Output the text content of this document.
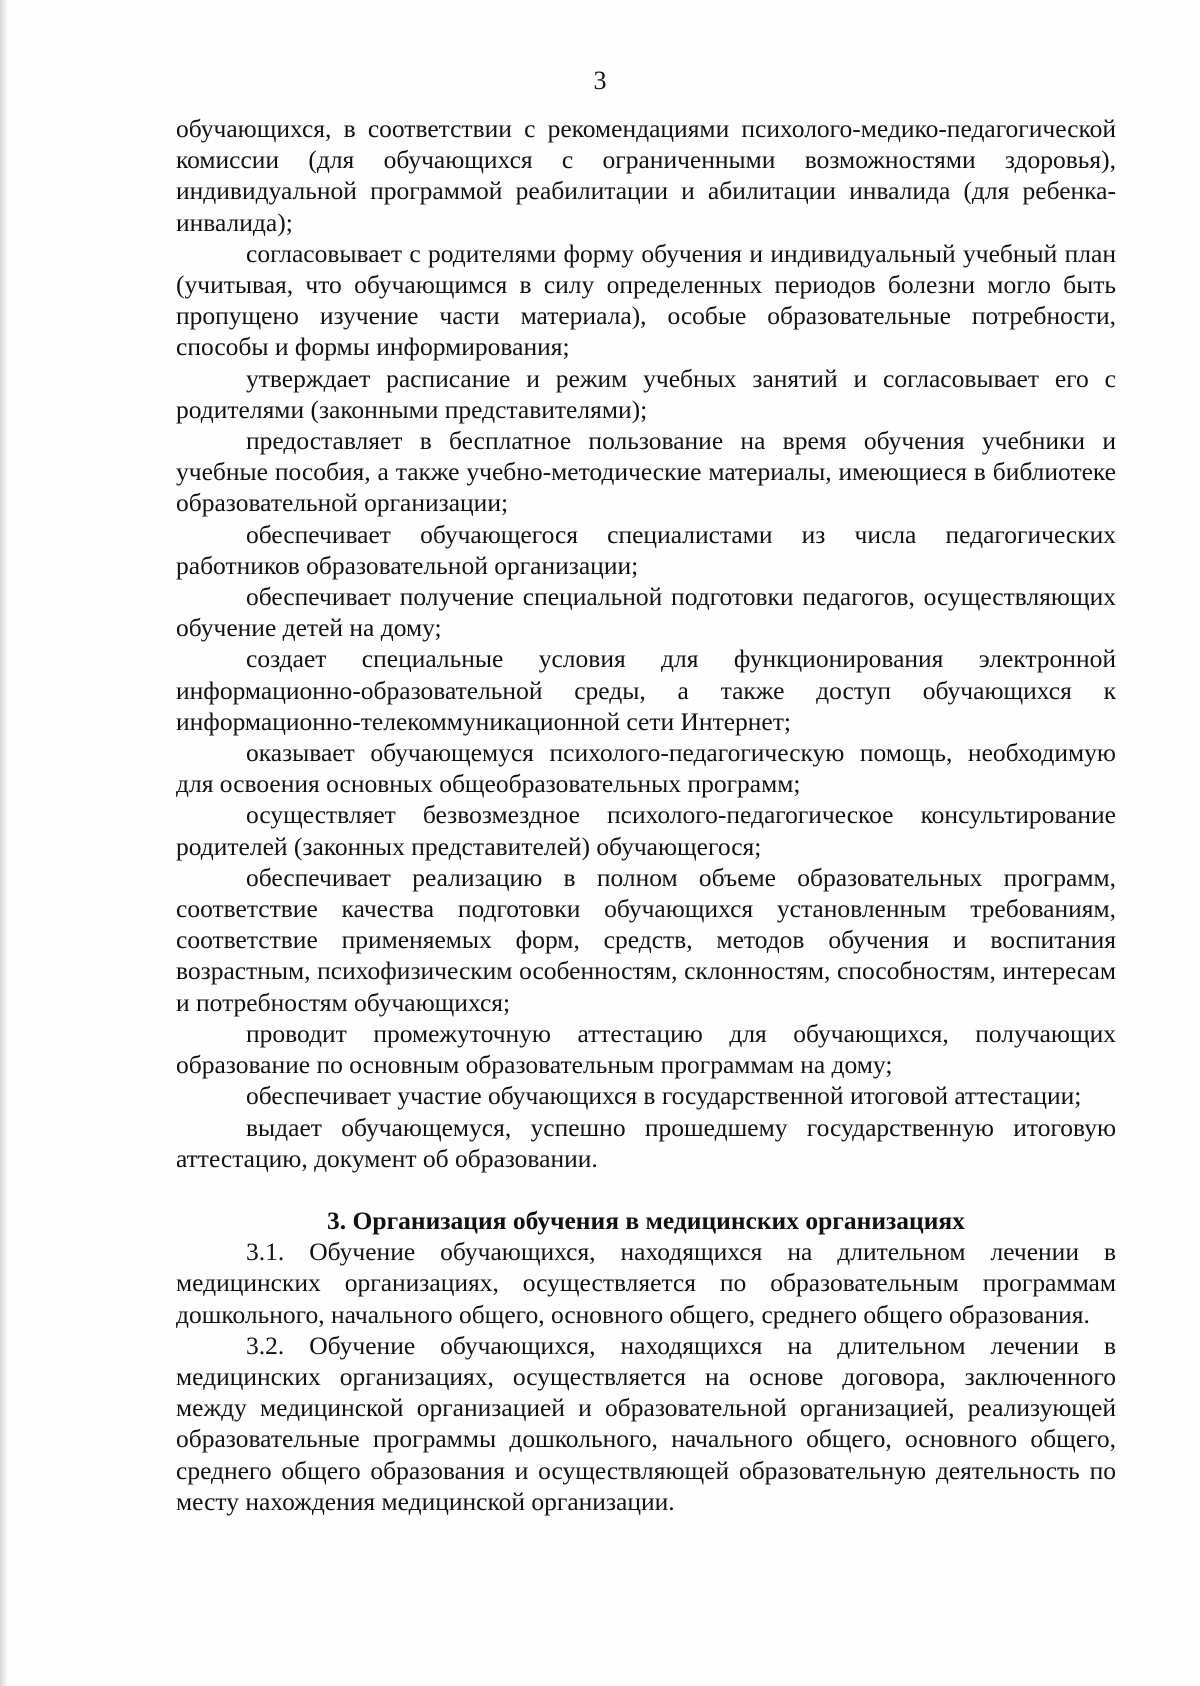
3

обучающихся, в соответствии с рекомендациями психолого-медико-педагогической комиссии (для обучающихся с ограниченными возможностями здоровья), индивидуальной программой реабилитации и абилитации инвалида (для ребенка-инвалида);

согласовывает с родителями форму обучения и индивидуальный учебный план (учитывая, что обучающимся в силу определенных периодов болезни могло быть пропущено изучение части материала), особые образовательные потребности, способы и формы информирования;

утверждает расписание и режим учебных занятий и согласовывает его с родителями (законными представителями);

предоставляет в бесплатное пользование на время обучения учебники и учебные пособия, а также учебно-методические материалы, имеющиеся в библиотеке образовательной организации;

обеспечивает обучающегося специалистами из числа педагогических работников образовательной организации;

обеспечивает получение специальной подготовки педагогов, осуществляющих обучение детей на дому;

создает специальные условия для функционирования электронной информационно-образовательной среды, а также доступ обучающихся к информационно-телекоммуникационной сети Интернет;

оказывает обучающемуся психолого-педагогическую помощь, необходимую для освоения основных общеобразовательных программ;

осуществляет безвозмездное психолого-педагогическое консультирование родителей (законных представителей) обучающегося;

обеспечивает реализацию в полном объеме образовательных программ, соответствие качества подготовки обучающихся установленным требованиям, соответствие применяемых форм, средств, методов обучения и воспитания возрастным, психофизическим особенностям, склонностям, способностям, интересам и потребностям обучающихся;

проводит промежуточную аттестацию для обучающихся, получающих образование по основным образовательным программам на дому;

обеспечивает участие обучающихся в государственной итоговой аттестации;

выдает обучающемуся, успешно прошедшему государственную итоговую аттестацию, документ об образовании.

3. Организация обучения в медицинских организациях

3.1. Обучение обучающихся, находящихся на длительном лечении в медицинских организациях, осуществляется по образовательным программам дошкольного, начального общего, основного общего, среднего общего образования.

3.2. Обучение обучающихся, находящихся на длительном лечении в медицинских организациях, осуществляется на основе договора, заключенного между медицинской организацией и образовательной организацией, реализующей образовательные программы дошкольного, начального общего, основного общего, среднего общего образования и осуществляющей образовательную деятельность по месту нахождения медицинской организации.
